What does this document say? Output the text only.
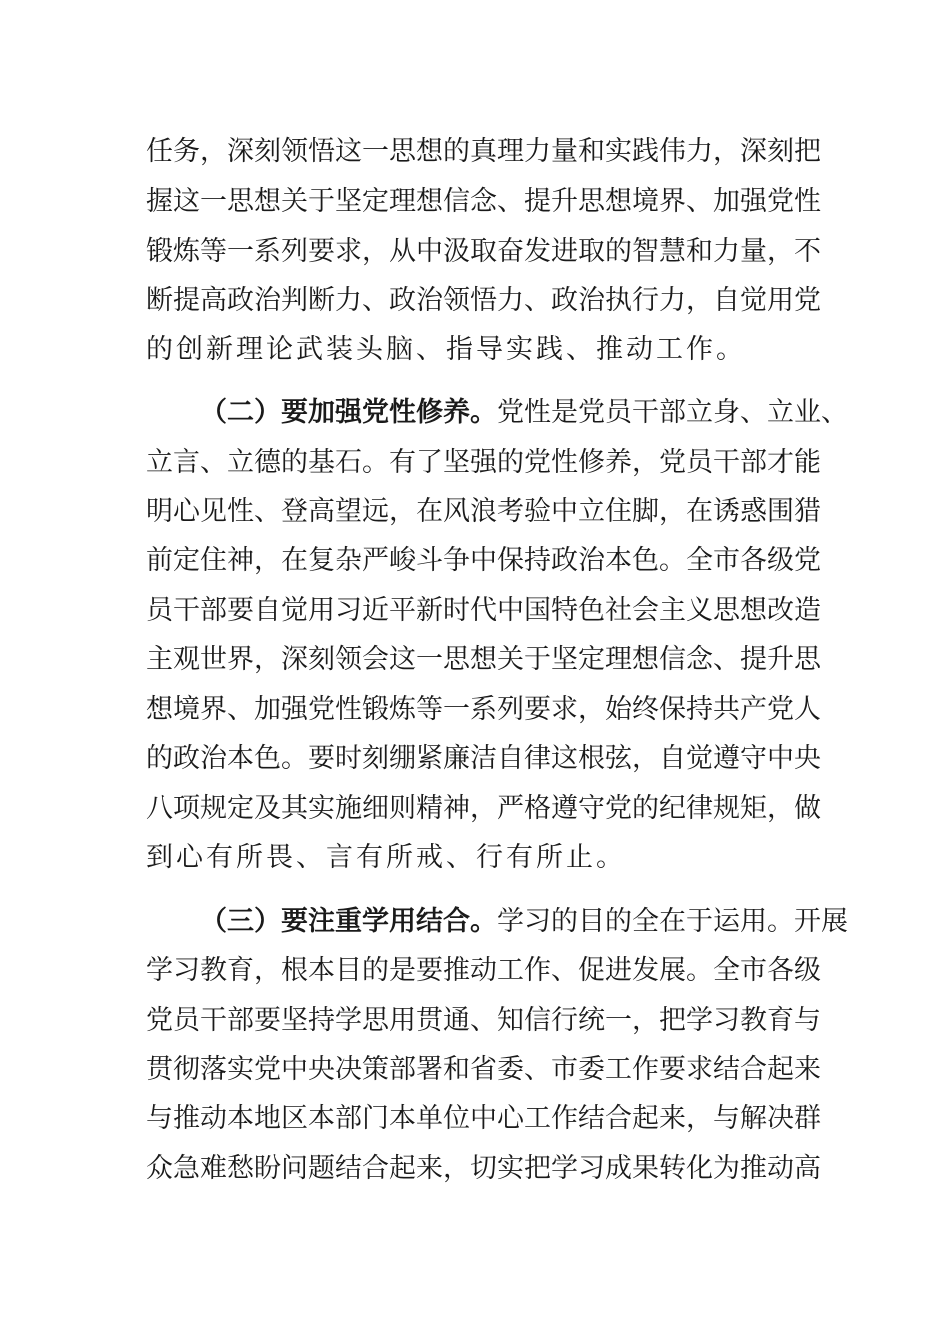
任务，深刻领悟这一思想的真理力量和实践伟力，深刻把
握这一思想关于坚定理想信念、提升思想境界、加强党性
锻炼等一系列要求，从中汲取奋发进取的智慧和力量，不
断提高政治判断力、政治领悟力、政治执行力，自觉用党
的创新理论武装头脑、指导实践、推动工作。
（二）要加强党性修养。党性是党员干部立身、立业、
立言、立德的基石。有了坚强的党性修养，党员干部才能
明心见性、登高望远，在风浪考验中立住脚，在诱惑围猎
前定住神，在复杂严峻斗争中保持政治本色。全市各级党
员干部要自觉用习近平新时代中国特色社会主义思想改造
主观世界，深刻领会这一思想关于坚定理想信念、提升思
想境界、加强党性锻炼等一系列要求，始终保持共产党人
的政治本色。要时刻绷紧廉洁自律这根弦，自觉遵守中央
八项规定及其实施细则精神，严格遵守党的纪律规矩，做
到心有所畏、言有所戒、行有所止。
（三）要注重学用结合。学习的目的全在于运用。开展
学习教育，根本目的是要推动工作、促进发展。全市各级
党员干部要坚持学思用贯通、知信行统一，把学习教育与
贯彻落实党中央决策部署和省委、市委工作要求结合起来
与推动本地区本部门本单位中心工作结合起来，与解决群
众急难愁盼问题结合起来，切实把学习成果转化为推动高
